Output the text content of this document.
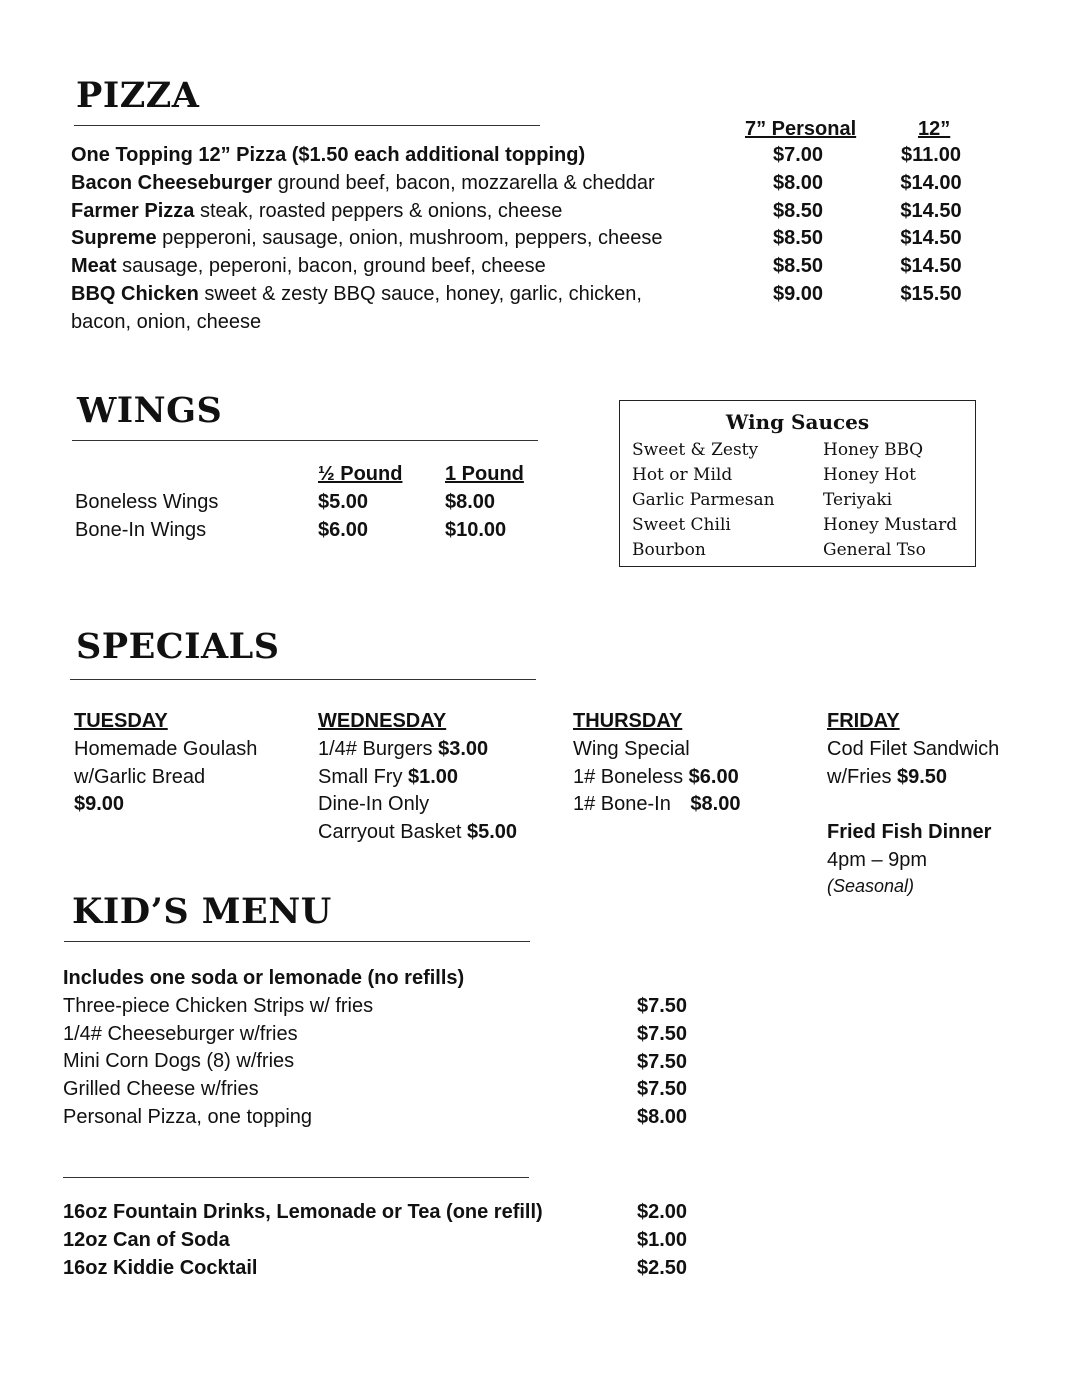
PIZZA
7” Personal	12”
One Topping 12” Pizza ($1.50 each additional topping)
Bacon Cheeseburger ground beef, bacon, mozzarella & cheddar
Farmer Pizza steak, roasted peppers & onions, cheese
Supreme pepperoni, sausage, onion, mushroom, peppers, cheese
Meat sausage, peperoni, bacon, ground beef, cheese
BBQ Chicken sweet & zesty BBQ sauce, honey, garlic, chicken,
bacon, onion, cheese
$7.00
$8.00
$8.50
$8.50
$8.50
$9.00
$11.00
$14.00
$14.50
$14.50
$14.50
$15.50
WINGS
½ Pound 1 Pound
Boneless Wings
Bone-In Wings
$5.00
$6.00
$8.00
$10.00
Wing Sauces
Sweet & Zesty
Hot or Mild
Garlic Parmesan
Sweet Chili
Bourbon
Honey BBQ
Honey Hot
Teriyaki
Honey Mustard
General Tso
SPECIALS
TUESDAY
Homemade Goulash
w/Garlic Bread
$9.00
WEDNESDAY
1/4# Burgers $3.00
Small Fry $1.00
Dine-In Only
Carryout Basket $5.00
THURSDAY
Wing Special
1# Boneless $6.00
1# Bone-In $8.00
FRIDAY
Cod Filet Sandwich
w/Fries $9.50

Fried Fish Dinner
4pm – 9pm
(Seasonal)
KID’S MENU
Includes one soda or lemonade (no refills)
Three-piece Chicken Strips w/ fries
1/4# Cheeseburger w/fries
Mini Corn Dogs (8) w/fries
Grilled Cheese w/fries
Personal Pizza, one topping
$7.50
$7.50
$7.50
$7.50
$8.00
16oz Fountain Drinks, Lemonade or Tea (one refill)
12oz Can of Soda
16oz Kiddie Cocktail
$2.00
$1.00
$2.50
